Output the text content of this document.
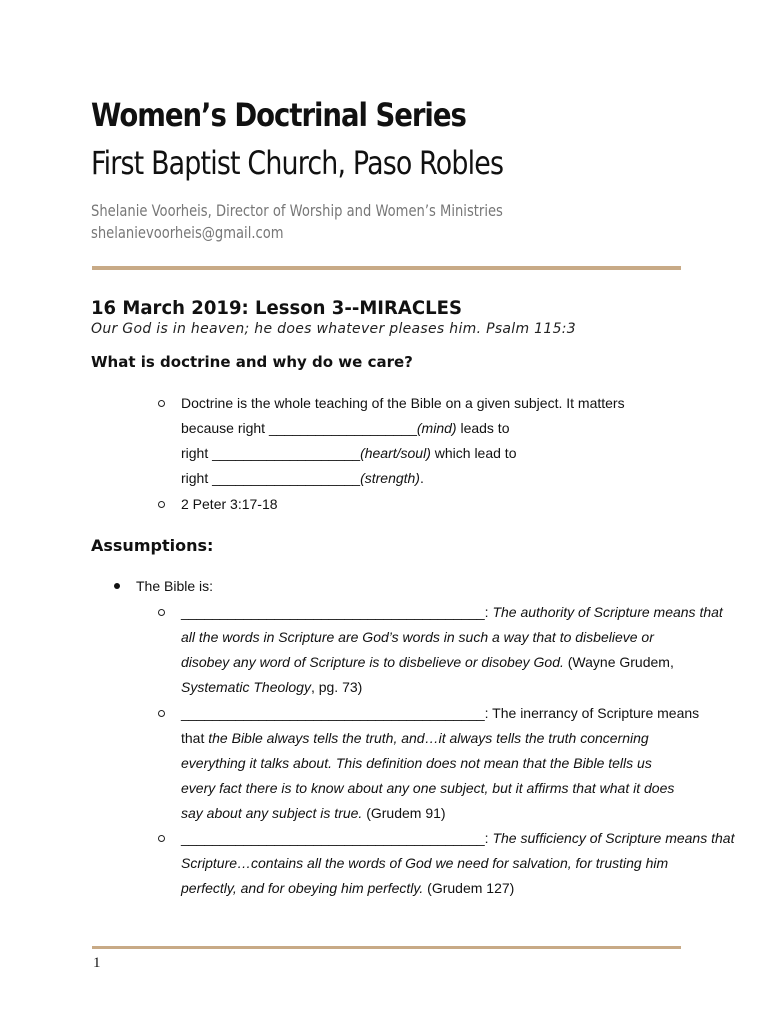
Women’s Doctrinal Series
First Baptist Church, Paso Robles

Shelanie Voorheis, Director of Worship and Women’s Ministries

shelanievoorheis@gmail.com

16 March 2019: Lesson 3--MIRACLES

Our God is in heaven; he does whatever pleases him. Psalm 115:3

What is doctrine and why do we care?
Doctrine is the whole teaching of the Bible on a given subject. It matters
because right ___________________(mind) leads to
right ___________________(heart/soul) which lead to
right ___________________(strength).
2 Peter 3:17-18
Assumptions:
The Bible is:
_______________________________________: The authority of Scripture means that
all the words in Scripture are God’s words in such a way that to disbelieve or
disobey any word of Scripture is to disbelieve or disobey God. (Wayne Grudem,
Systematic Theology, pg. 73)
_______________________________________: The inerrancy of Scripture means
that the Bible always tells the truth, and…it always tells the truth concerning
everything it talks about. This definition does not mean that the Bible tells us
every fact there is to know about any one subject, but it affirms that what it does
say about any subject is true. (Grudem 91)
_______________________________________: The sufficiency of Scripture means that
Scripture…contains all the words of God we need for salvation, for trusting him
perfectly, and for obeying him perfectly. (Grudem 127)
1
